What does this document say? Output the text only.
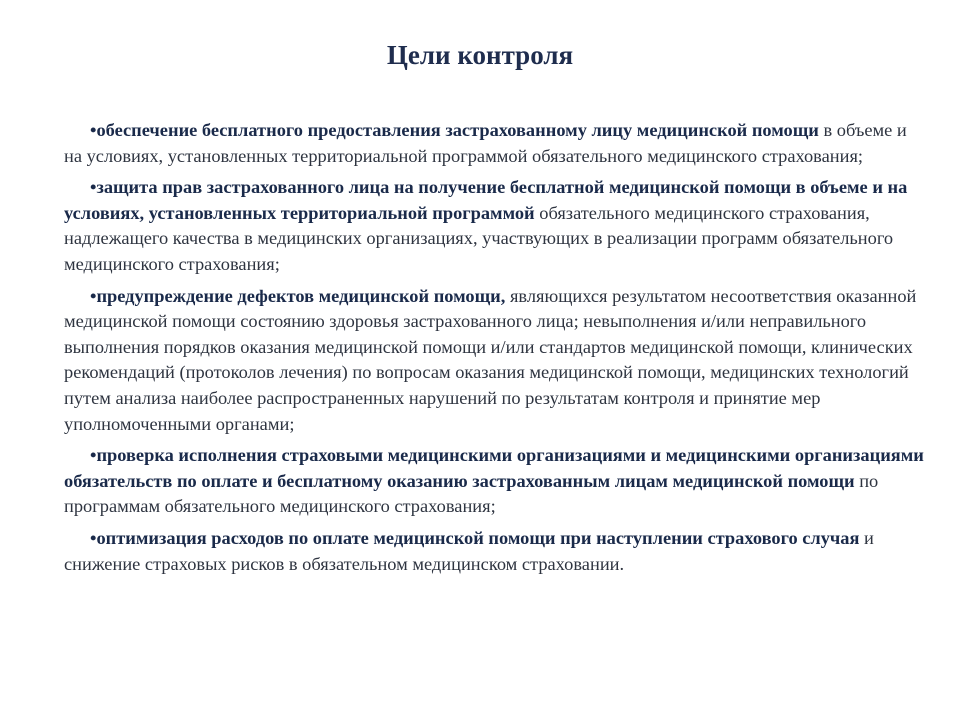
Цели контроля

•обеспечение бесплатного предоставления застрахованному лицу медицинской помощи в объеме и на условиях, установленных территориальной программой обязательного медицинского страхования;

•защита прав застрахованного лица на получение бесплатной медицинской помощи в объеме и на условиях, установленных территориальной программой обязательного медицинского страхования, надлежащего качества в медицинских организациях, участвующих в реализации программ обязательного медицинского страхования;

•предупреждение дефектов медицинской помощи, являющихся результатом несоответствия оказанной медицинской помощи состоянию здоровья застрахованного лица; невыполнения и/или неправильного выполнения порядков оказания медицинской помощи и/или стандартов медицинской помощи, клинических рекомендаций (протоколов лечения) по вопросам оказания медицинской помощи, медицинских технологий путем анализа наиболее распространенных нарушений по результатам контроля и принятие мер уполномоченными органами;

•проверка исполнения страховыми медицинскими организациями и медицинскими организациями обязательств по оплате и бесплатному оказанию застрахованным лицам медицинской помощи по программам обязательного медицинского страхования;

•оптимизация расходов по оплате медицинской помощи при наступлении страхового случая и снижение страховых рисков в обязательном медицинском страховании.
